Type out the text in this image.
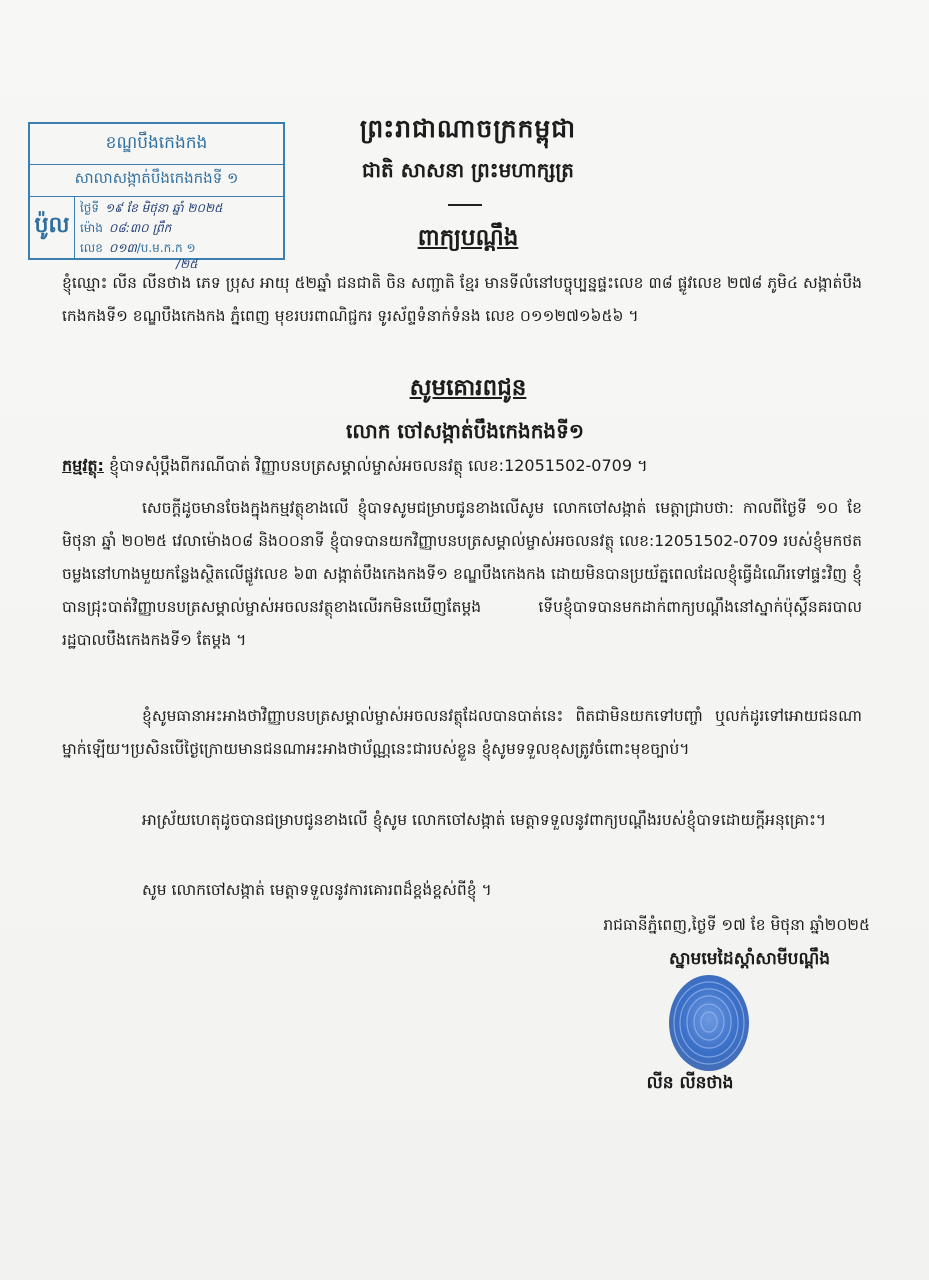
ខណ្ឌបឹងកេងកង
សាលាសង្កាត់បឹងកេងកងទី ១
ប៉ូល
ថ្ងៃទី ១៩ ខែ មិថុនា ឆ្នាំ ២០២៥
ម៉ោង ០៨:៣០ ព្រឹក
លេខ ០១៣/ប.ម.ក.ក ១
/២៥
ព្រះរាជាណាចក្រកម្ពុជា
ជាតិ សាសនា ព្រះមហាក្សត្រ
ពាក្យបណ្ដឹង
ខ្ញុំឈ្មោះ លីន លីនថាង ភេទ ប្រុស អាយុ ៥២ឆ្នាំ ជនជាតិ ចិន សញ្ជាតិ ខ្មែរ មានទីលំនៅបច្ចុប្បន្នផ្ទះលេខ ៣៨ ផ្លូវលេខ ២៧៨ ភូមិ៤ សង្កាត់បឹងកេងកងទី១ ខណ្ឌបឹងកេងកង ភ្នំពេញ មុខរបរពាណិជ្ជករ ទូរស័ព្ទទំនាក់ទំនង លេខ ០១១២៧១៦៥៦ ។
សូមគោរពជូន
លោក ចៅសង្កាត់បឹងកេងកងទី១
កម្មវត្ថុ: ខ្ញុំបាទសុំប្ដឹងពីករណីបាត់ វិញ្ញាបនបត្រសម្គាល់ម្ចាស់អចលនវត្ថុ លេខ:12051502-0709 ។
សេចក្តីដូចមានចែងក្នុងកម្មវត្ថុខាងលើ ខ្ញុំបាទសូមជម្រាបជូនខាងលើសូម លោកចៅសង្កាត់ មេត្តាជ្រាបថា: កាលពីថ្ងៃទី ១០ ខែ មិថុនា ឆ្នាំ ២០២៥ វេលាម៉ោង០៨ និង០០នាទី ខ្ញុំបាទបានយកវិញ្ញាបនបត្រសម្គាល់ម្ចាស់អចលនវត្ថុ លេខ:12051502-0709 របស់ខ្ញុំមកថតចម្លងនៅហាងមួយកន្លែងស្ថិតលើផ្លូវលេខ ៦៣ សង្កាត់បឹងកេងកងទី១ ខណ្ឌបឹងកេងកង ដោយមិនបានប្រយ័ត្នពេលដែលខ្ញុំធ្វើដំណើរទៅផ្ទះវិញ ខ្ញុំបានជ្រុះបាត់វិញ្ញាបនបត្រសម្គាល់ម្ចាស់អចលនវត្ថុខាងលើរកមិនឃើញតែម្តង ទើបខ្ញុំបាទបានមកដាក់ពាក្យបណ្តឹងនៅស្នាក់ប៉ុស្តិ៍នគរបាលរដ្ឋបាលបឹងកេងកងទី១ តែម្តង ។
ខ្ញុំសូមធានាអះអាងថាវិញ្ញាបនបត្រសម្គាល់ម្ចាស់អចលនវត្ថុដែលបានបាត់នេះ ពិតជាមិនយកទៅបញ្ចាំ ឬលក់ដូរទៅអោយជនណាម្នាក់ឡើយ។ប្រសិនបើថ្ងៃក្រោយមានជនណាអះអាងថាប័ណ្ណនេះជារបស់ខ្លួន ខ្ញុំសូមទទួលខុសត្រូវចំពោះមុខច្បាប់។
អាស្រ័យហេតុដូចបានជម្រាបជូនខាងលើ ខ្ញុំសូម លោកចៅសង្កាត់ មេត្តាទទួលនូវពាក្យបណ្តឹងរបស់ខ្ញុំបាទដោយក្តីអនុគ្រោះ។
សូម លោកចៅសង្កាត់ មេត្តាទទួលនូវការគោរពដ៏ខ្ពង់ខ្ពស់ពីខ្ញុំ ។
រាជធានីភ្នំពេញ,ថ្ងៃទី ១៧ ខែ មិថុនា ឆ្នាំ២០២៥
ស្នាមមេដៃស្តាំសាមីបណ្តឹង
លីន លីនថាង
